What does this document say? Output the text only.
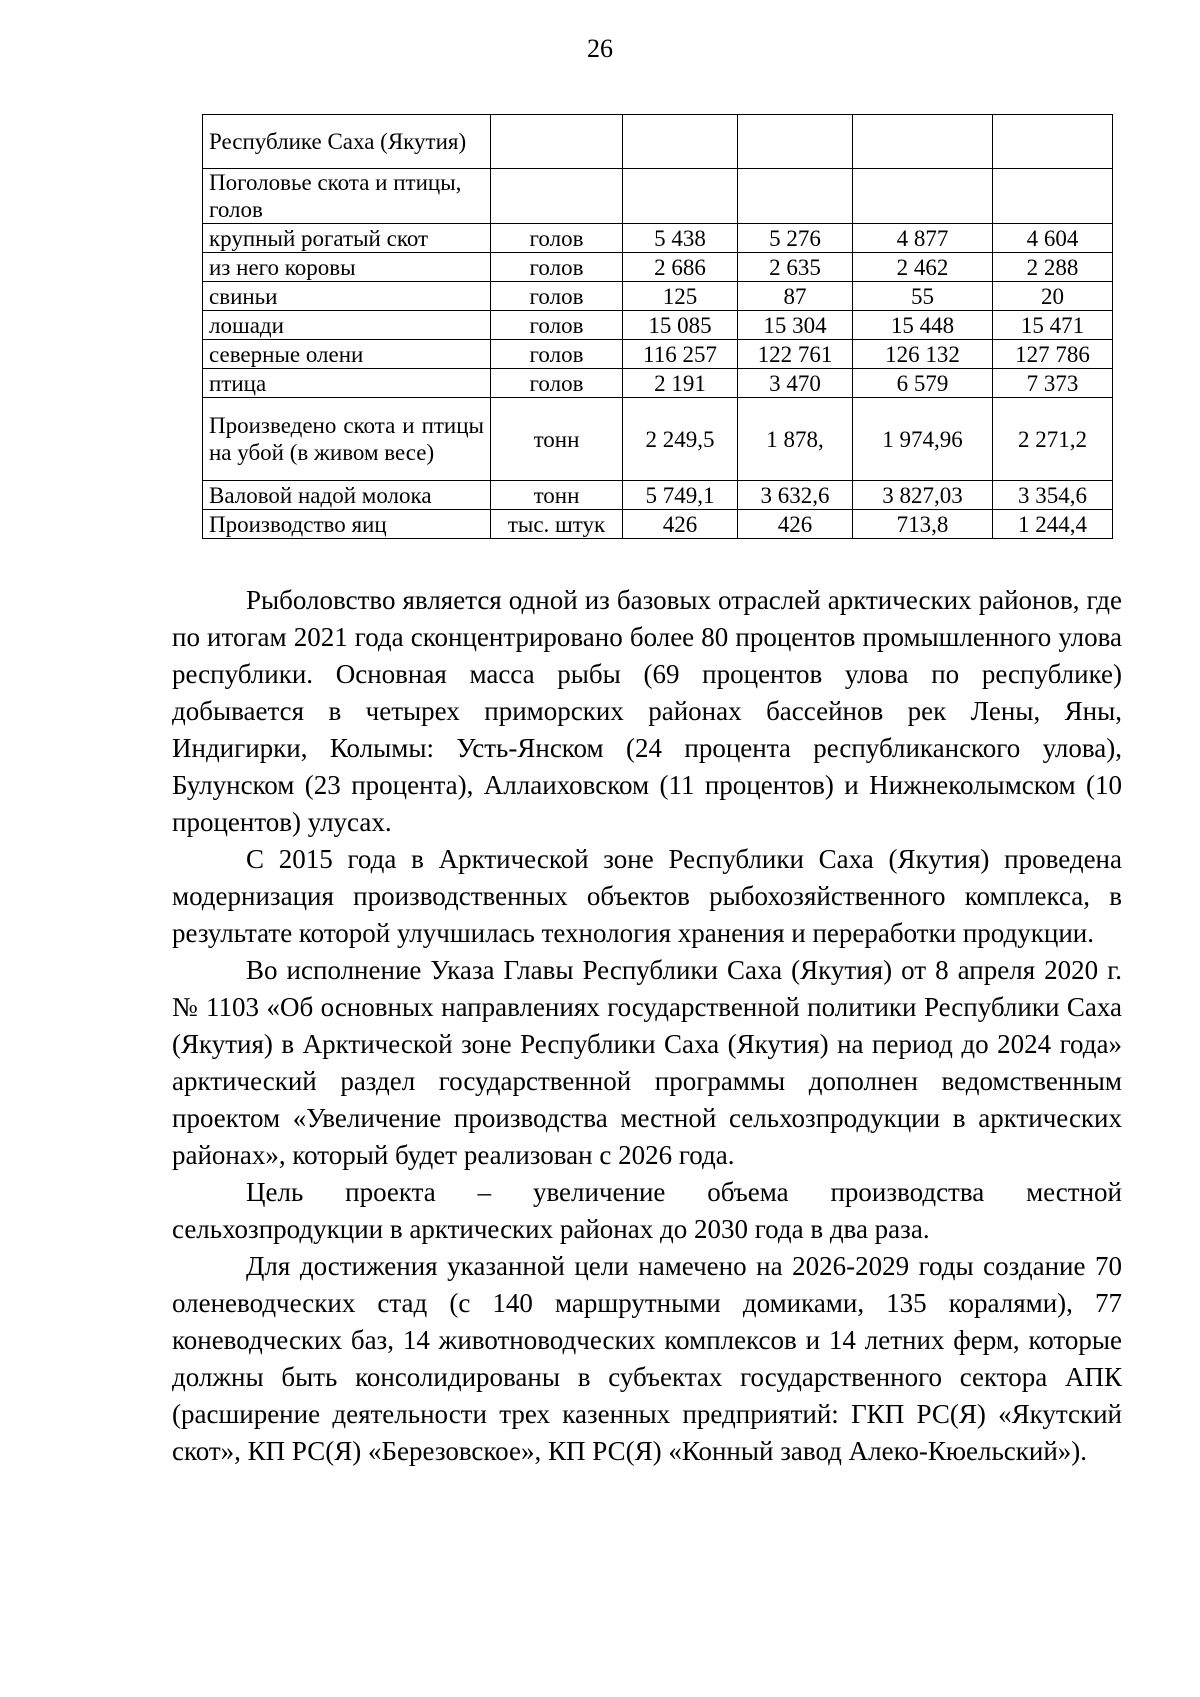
26
Республике Саха (Якутия)					
Поголовье скота и птицы, голов					
крупный рогатый скот	голов	5 438	5 276	4 877	4 604
из него коровы	голов	2 686	2 635	2 462	2 288
свиньи	голов	125	87	55	20
лошади	голов	15 085	15 304	15 448	15 471
северные олени	голов	116 257	122 761	126 132	127 786
птица	голов	2 191	3 470	6 579	7 373
Произведено скота и птицы на убой (в живом весе)	тонн	2 249,5	1 878,	1 974,96	2 271,2
Валовой надой молока	тонн	5 749,1	3 632,6	3 827,03	3 354,6
Производство яиц	тыс. штук	426	426	713,8	1 244,4

Рыболовство является одной из базовых отраслей арктических районов, где по итогам 2021 года сконцентрировано более 80 процентов промышленного улова республики. Основная масса рыбы (69 процентов улова по республике) добывается в четырех приморских районах бассейнов рек Лены, Яны, Индигирки, Колымы: Усть-Янском (24 процента республиканского улова), Булунском (23 процента), Аллаиховском (11 процентов) и Нижнеколымском (10 процентов) улусах.

С 2015 года в Арктической зоне Республики Саха (Якутия) проведена модернизация производственных объектов рыбохозяйственного комплекса, в результате которой улучшилась технология хранения и переработки продукции.

Во исполнение Указа Главы Республики Саха (Якутия) от 8 апреля 2020 г. № 1103 «Об основных направлениях государственной политики Республики Саха (Якутия) в Арктической зоне Республики Саха (Якутия) на период до 2024 года» арктический раздел государственной программы дополнен ведомственным проектом «Увеличение производства местной сельхозпродукции в арктических районах», который будет реализован с 2026 года.

Цель проекта – увеличение объема производства местной сельхозпродукции в арктических районах до 2030 года в два раза.

Для достижения указанной цели намечено на 2026-2029 годы создание 70 оленеводческих стад (с 140 маршрутными домиками, 135 коралями), 77 коневодческих баз, 14 животноводческих комплексов и 14 летних ферм, которые должны быть консолидированы в субъектах государственного сектора АПК (расширение деятельности трех казенных предприятий: ГКП РС(Я) «Якутский скот», КП РС(Я) «Березовское», КП РС(Я) «Конный завод Алеко-Кюельский»).
